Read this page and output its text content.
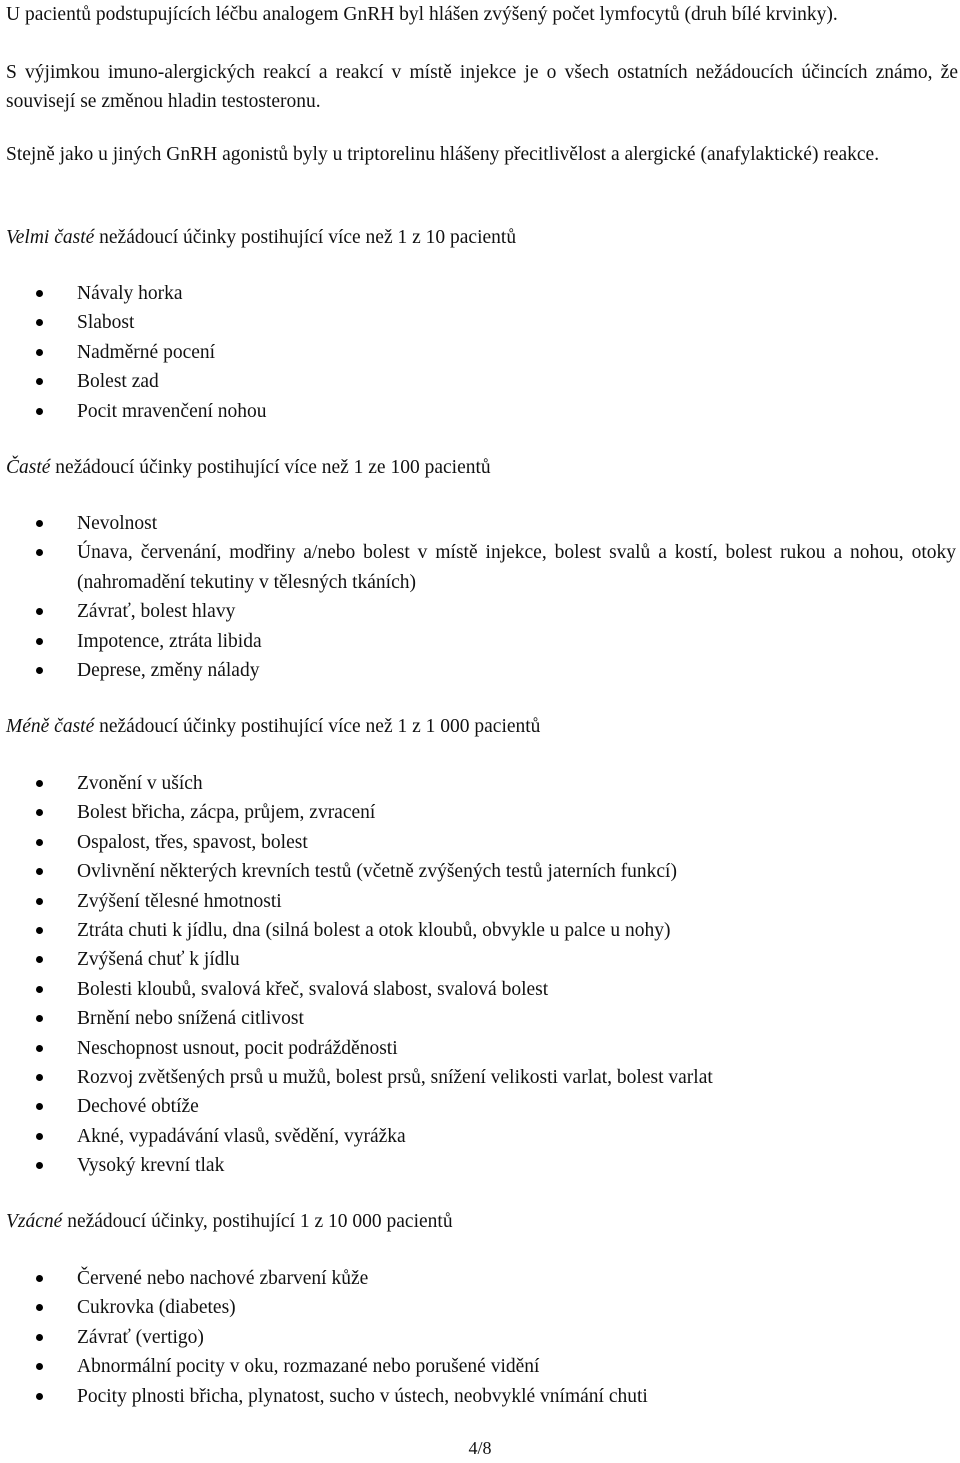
U pacientů podstupujících léčbu analogem GnRH byl hlášen zvýšený počet lymfocytů (druh bílé krvinky).

S výjimkou imuno-alergických reakcí a reakcí v místě injekce je o všech ostatních nežádoucích účincích známo, že souvisejí se změnou hladin testosteronu.

Stejně jako u jiných GnRH agonistů byly u triptorelinu hlášeny přecitlivělost a alergické (anafylaktické) reakce.

Velmi časté nežádoucí účinky postihující více než 1 z 10 pacientů

Návaly horka
Slabost
Nadměrné pocení
Bolest zad
Pocit mravenčení nohou

Časté nežádoucí účinky postihující více než 1 ze 100 pacientů

Nevolnost
Únava, červenání, modřiny a/nebo bolest v místě injekce, bolest svalů a kostí, bolest rukou a nohou, otoky (nahromadění tekutiny v tělesných tkáních)
Závrať, bolest hlavy
Impotence, ztráta libida
Deprese, změny nálady

Méně časté nežádoucí účinky postihující více než 1 z 1 000 pacientů

Zvonění v uších
Bolest břicha, zácpa, průjem, zvracení
Ospalost, třes, spavost, bolest
Ovlivnění některých krevních testů (včetně zvýšených testů jaterních funkcí)
Zvýšení tělesné hmotnosti
Ztráta chuti k jídlu, dna (silná bolest a otok kloubů, obvykle u palce u nohy)
Zvýšená chuť k jídlu
Bolesti kloubů, svalová křeč, svalová slabost, svalová bolest
Brnění nebo snížená citlivost
Neschopnost usnout, pocit podrážděnosti
Rozvoj zvětšených prsů u mužů, bolest prsů, snížení velikosti varlat, bolest varlat
Dechové obtíže
Akné, vypadávání vlasů, svědění, vyrážka
Vysoký krevní tlak

Vzácné nežádoucí účinky, postihující 1 z 10 000 pacientů

Červené nebo nachové zbarvení kůže
Cukrovka (diabetes)
Závrať (vertigo)
Abnormální pocity v oku, rozmazané nebo porušené vidění
Pocity plnosti břicha, plynatost, sucho v ústech, neobvyklé vnímání chuti
4/8
